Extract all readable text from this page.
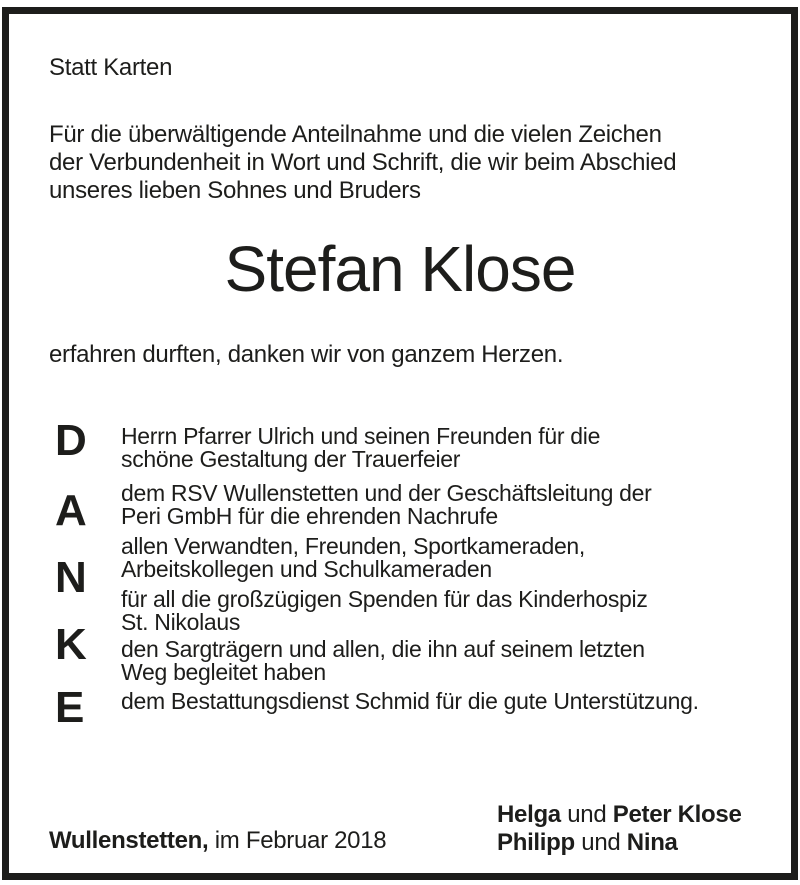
Statt Karten
Für die überwältigende Anteilnahme und die vielen Zeichen
der Verbundenheit in Wort und Schrift, die wir beim Abschied
unseres lieben Sohnes und Bruders
Stefan Klose
erfahren durften, danken wir von ganzem Herzen.
D
A
N
K
E
Herrn Pfarrer Ulrich und seinen Freunden für die
schöne Gestaltung der Trauerfeier
dem RSV Wullenstetten und der Geschäftsleitung der
Peri GmbH für die ehrenden Nachrufe
allen Verwandten, Freunden, Sportkameraden,
Arbeitskollegen und Schulkameraden
für all die großzügigen Spenden für das Kinderhospiz
St. Nikolaus
den Sargträgern und allen, die ihn auf seinem letzten
Weg begleitet haben
dem Bestattungsdienst Schmid für die gute Unterstützung.
Wullenstetten, im Februar 2018
Helga und Peter Klose
Philipp und Nina
